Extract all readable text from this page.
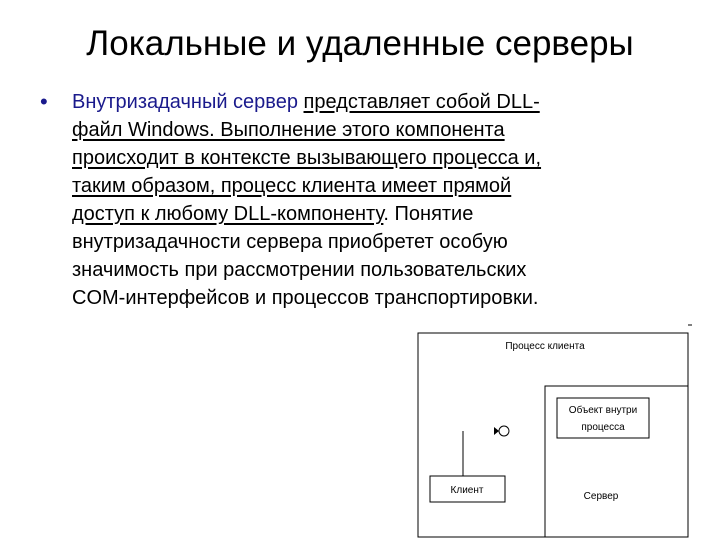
Локальные и удаленные серверы
• Внутризадачный сервер представляет собой DLL-
файл Windows. Выполнение этого компонента
происходит в контексте вызывающего процесса и,
таким образом, процесс клиента имеет прямой
доступ к любому DLL-компоненту. Понятие
внутризадачности сервера приобретет особую
значимость при рассмотрении пользовательских
COM-интерфейсов и процессов транспортировки.
Процесс клиента
Объект внутри
процесса
Сервер
Клиент
